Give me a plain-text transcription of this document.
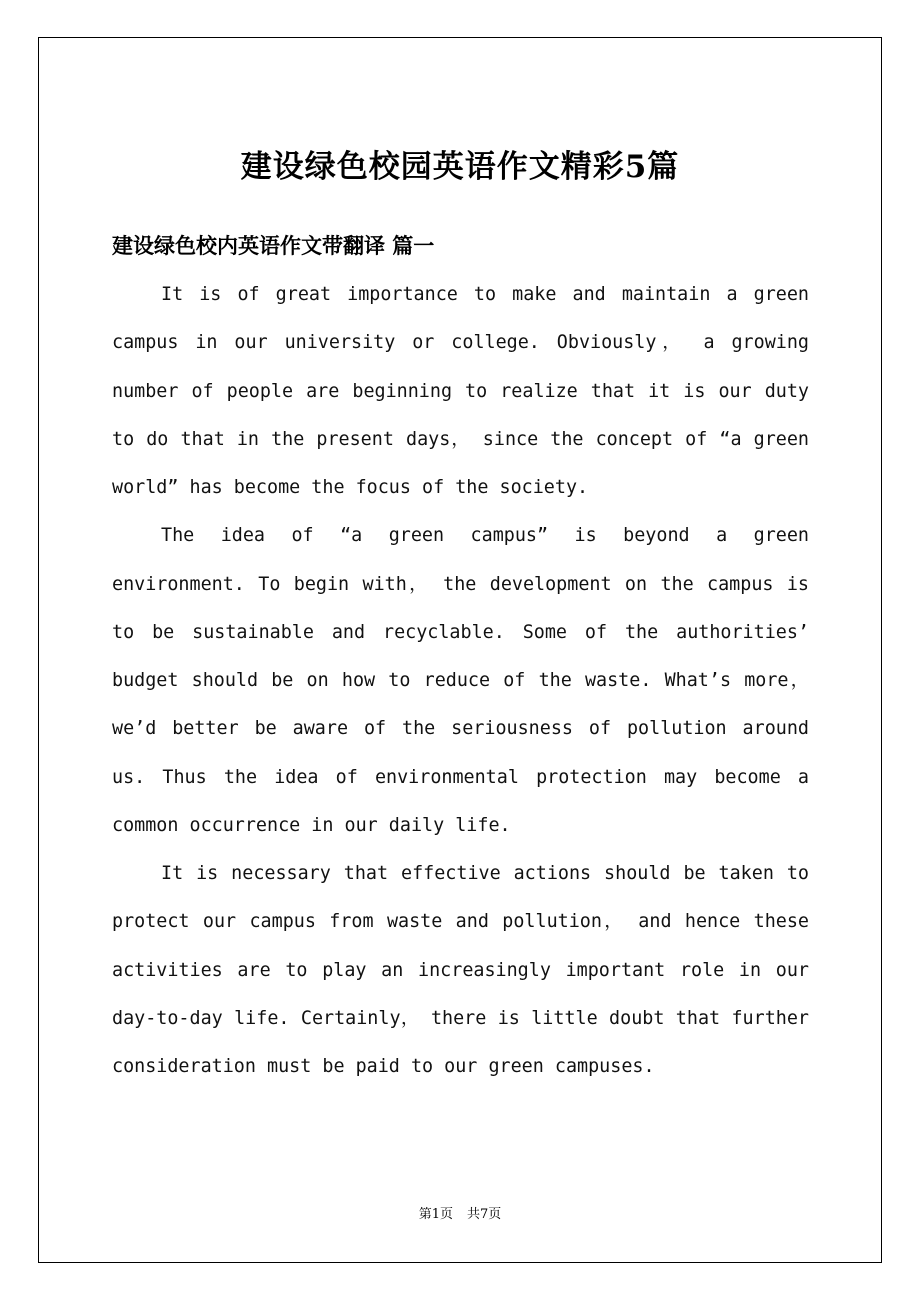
建设绿色校园英语作文精彩5篇
建设绿色校内英语作文带翻译 篇一

It is of great importance to make and maintain a green campus in our university or college. Obviously， a growing number of people are beginning to realize that it is our duty to do that in the present days， since the concept of “a green world” has become the focus of the society.

The idea of “a green campus” is beyond a green environment. To begin with， the development on the campus is to be sustainable and recyclable. Some of the authorities’ budget should be on how to reduce of the waste. What’s more， we’d better be aware of the seriousness of pollution around us. Thus the idea of environmental protection may become a common occurrence in our daily life.

It is necessary that effective actions should be taken to protect our campus from waste and pollution， and hence these activities are to play an increasingly important role in our day-to-day life. Certainly， there is little doubt that further consideration must be paid to our green campuses.

第1页 共7页
